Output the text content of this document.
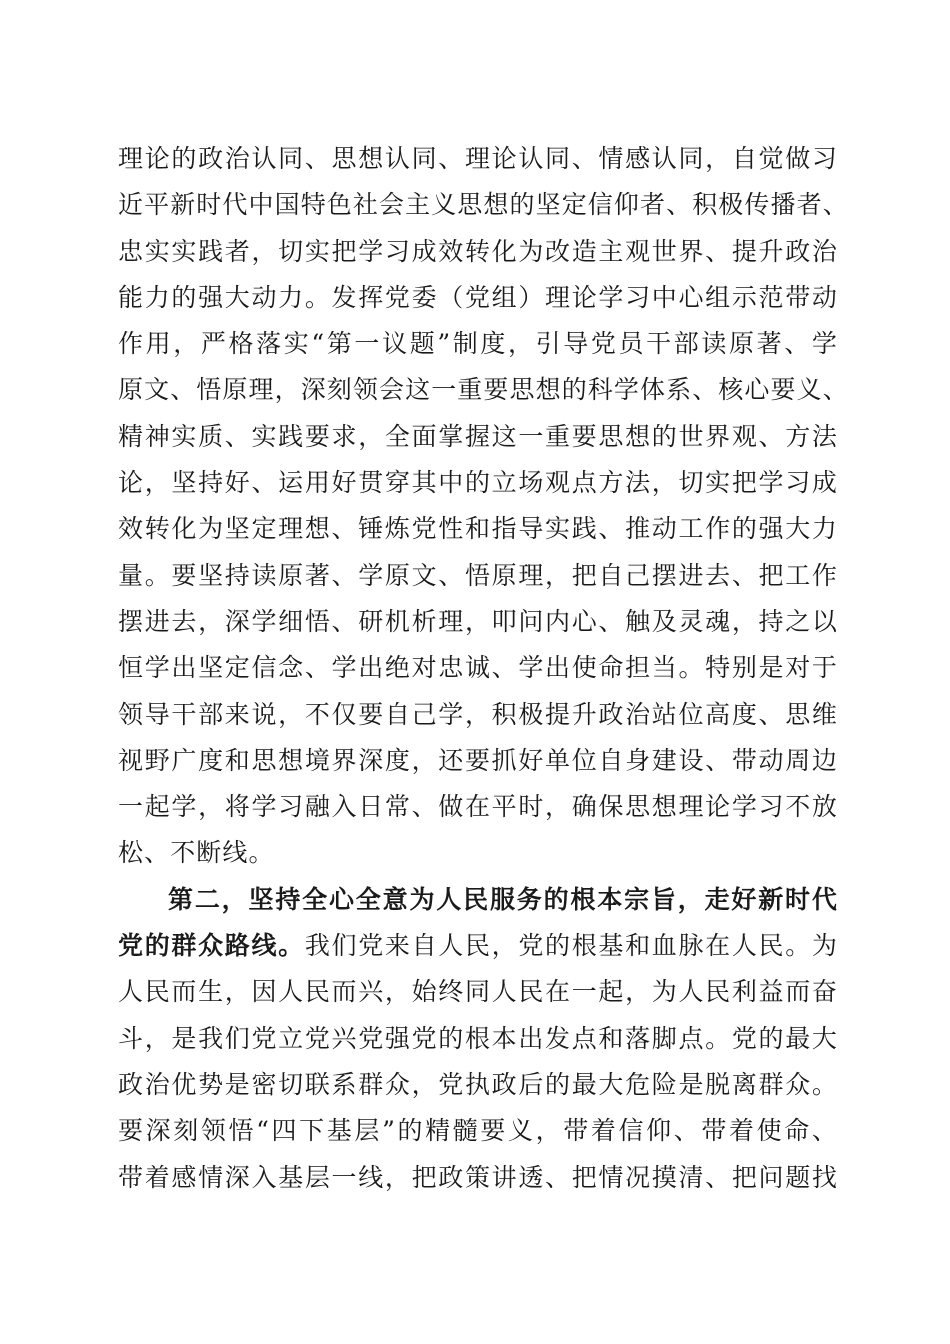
理论的政治认同、思想认同、理论认同、情感认同，自觉做习
近平新时代中国特色社会主义思想的坚定信仰者、积极传播者、
忠实实践者，切实把学习成效转化为改造主观世界、提升政治
能力的强大动力。发挥党委（党组）理论学习中心组示范带动
作用，严格落实“第一议题”制度，引导党员干部读原著、学
原文、悟原理，深刻领会这一重要思想的科学体系、核心要义、
精神实质、实践要求，全面掌握这一重要思想的世界观、方法
论，坚持好、运用好贯穿其中的立场观点方法，切实把学习成
效转化为坚定理想、锤炼党性和指导实践、推动工作的强大力
量。要坚持读原著、学原文、悟原理，把自己摆进去、把工作
摆进去，深学细悟、研机析理，叩问内心、触及灵魂，持之以
恒学出坚定信念、学出绝对忠诚、学出使命担当。特别是对于
领导干部来说，不仅要自己学，积极提升政治站位高度、思维
视野广度和思想境界深度，还要抓好单位自身建设、带动周边
一起学，将学习融入日常、做在平时，确保思想理论学习不放
松、不断线。
第二，坚持全心全意为人民服务的根本宗旨，走好新时代
党的群众路线。我们党来自人民，党的根基和血脉在人民。为
人民而生，因人民而兴，始终同人民在一起，为人民利益而奋
斗，是我们党立党兴党强党的根本出发点和落脚点。党的最大
政治优势是密切联系群众，党执政后的最大危险是脱离群众。
要深刻领悟“四下基层”的精髓要义，带着信仰、带着使命、
带着感情深入基层一线，把政策讲透、把情况摸清、把问题找
